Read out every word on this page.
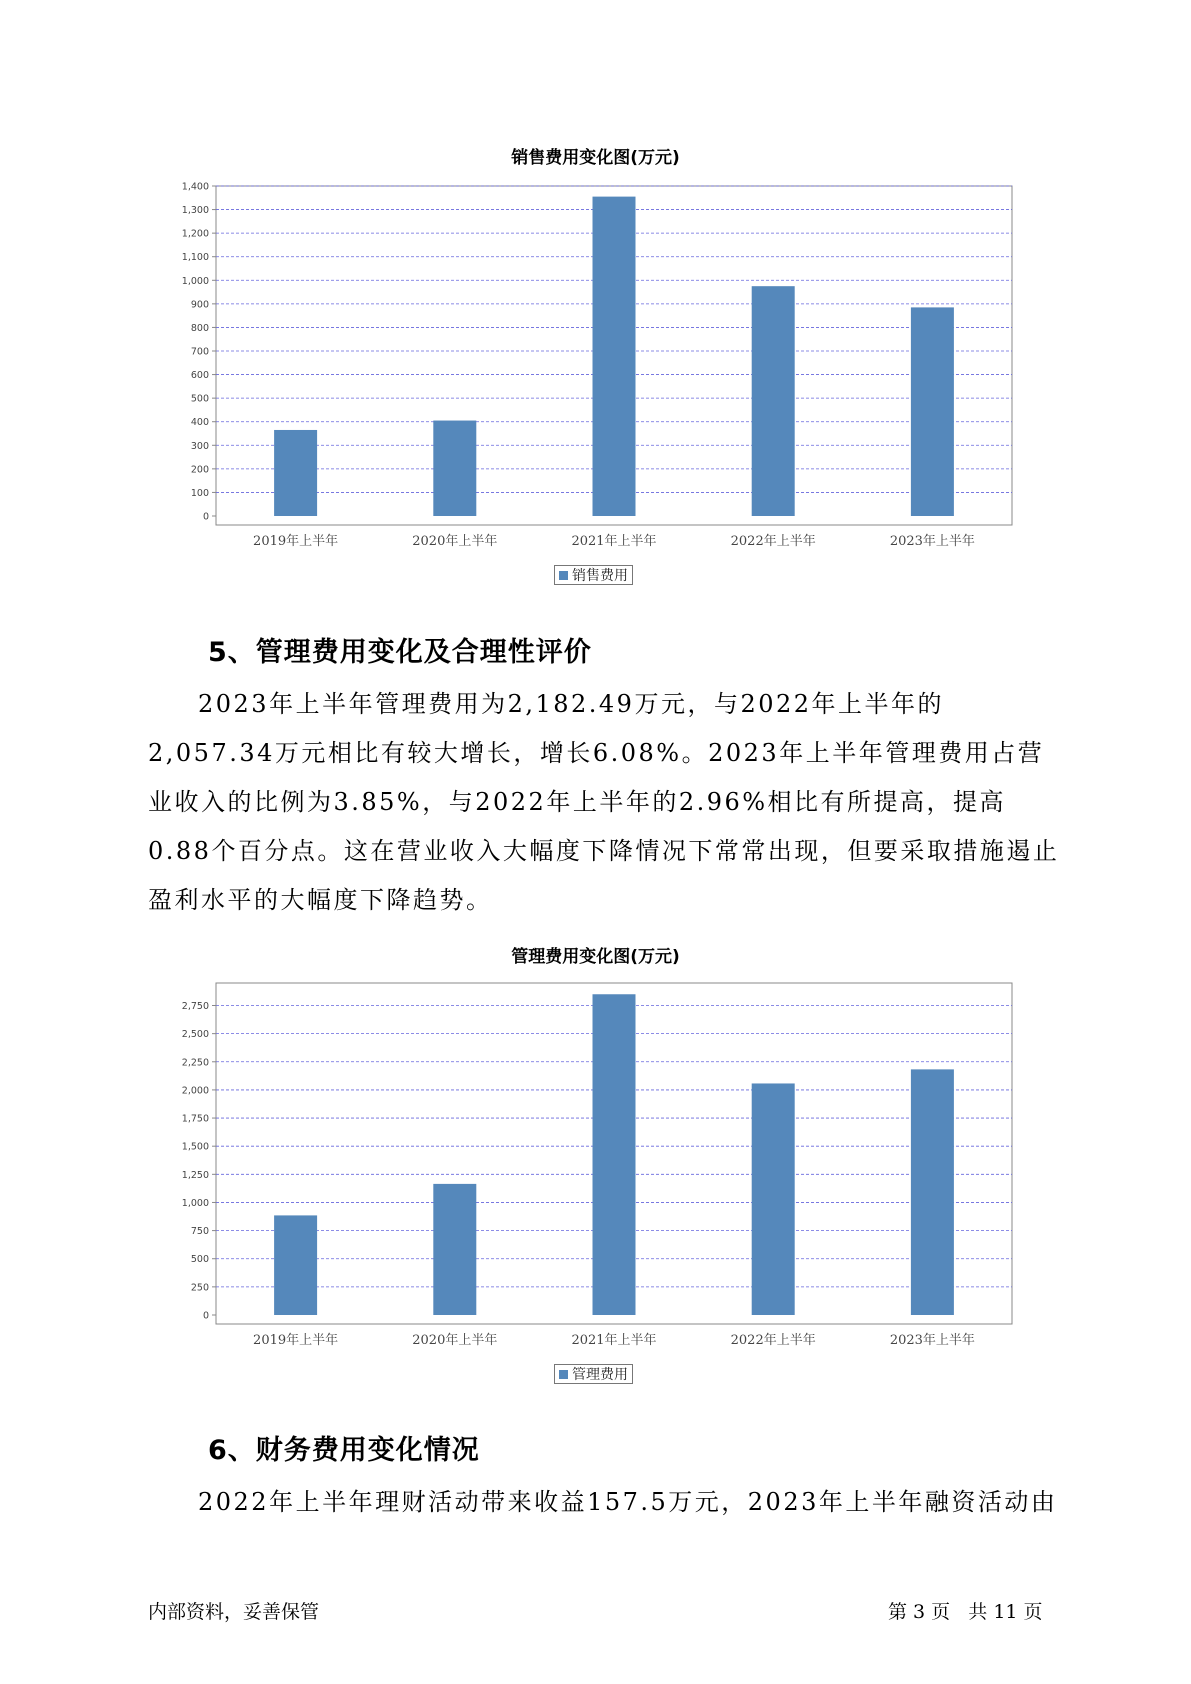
销售费用变化图(万元)
0
100
200
300
400
500
600
700
800
900
1,000
1,100
1,200
1,300
1,400
2019年上半年	2020年上半年	2021年上半年	2022年上半年	2023年上半年
销售费用
5、管理费用变化及合理性评价
2023年上半年管理费用为2,182.49万元，与2022年上半年的2,057.34万元相比有较大增长，增长6.08%。2023年上半年管理费用占营业收入的比例为3.85%，与2022年上半年的2.96%相比有所提高，提高0.88个百分点。这在营业收入大幅度下降情况下常常出现，但要采取措施遏止盈利水平的大幅度下降趋势。
管理费用变化图(万元)
0
250
500
750
1,000
1,250
1,500
1,750
2,000
2,250
2,500
2,750
2019年上半年	2020年上半年	2021年上半年	2022年上半年	2023年上半年
管理费用
6、财务费用变化情况
2022年上半年理财活动带来收益157.5万元，2023年上半年融资活动由
内部资料，妥善保管	第 3 页   共 11 页
